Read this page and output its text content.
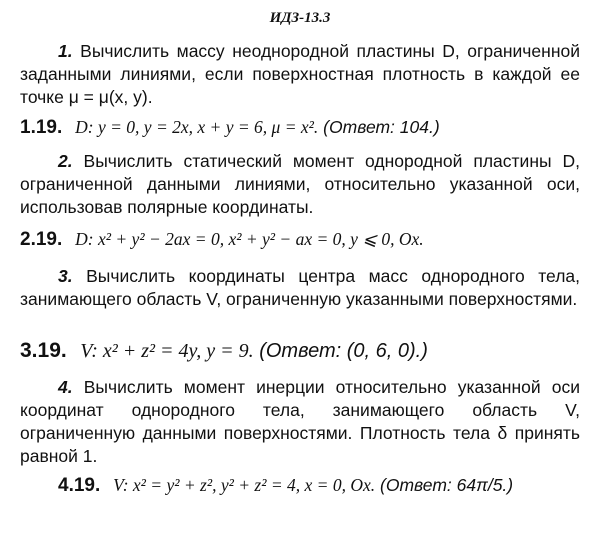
ИДЗ-13.3
1. Вычислить массу неоднородной пластины D, ограниченной заданными линиями, если поверхностная плотность в каждой ее точке μ = μ(x, y).
1.19. D: y = 0, y = 2x, x + y = 6, μ = x². (Ответ: 104.)
2. Вычислить статический момент однородной пластины D, ограниченной данными линиями, относительно указанной оси, использовав полярные координаты.
2.19. D: x² + y² − 2ax = 0, x² + y² − ax = 0, y ⩽ 0, Ox.
3. Вычислить координаты центра масс однородного тела, занимающего область V, ограниченную указанными поверхностями.
3.19. V: x² + z² = 4y, y = 9. (Ответ: (0, 6, 0).)
4. Вычислить момент инерции относительно указанной оси координат однородного тела, занимающего область V, ограниченную данными поверхностями. Плотность тела δ принять равной 1.
4.19. V: x² = y² + z², y² + z² = 4, x = 0, Ox. (Ответ: 64π/5.)
